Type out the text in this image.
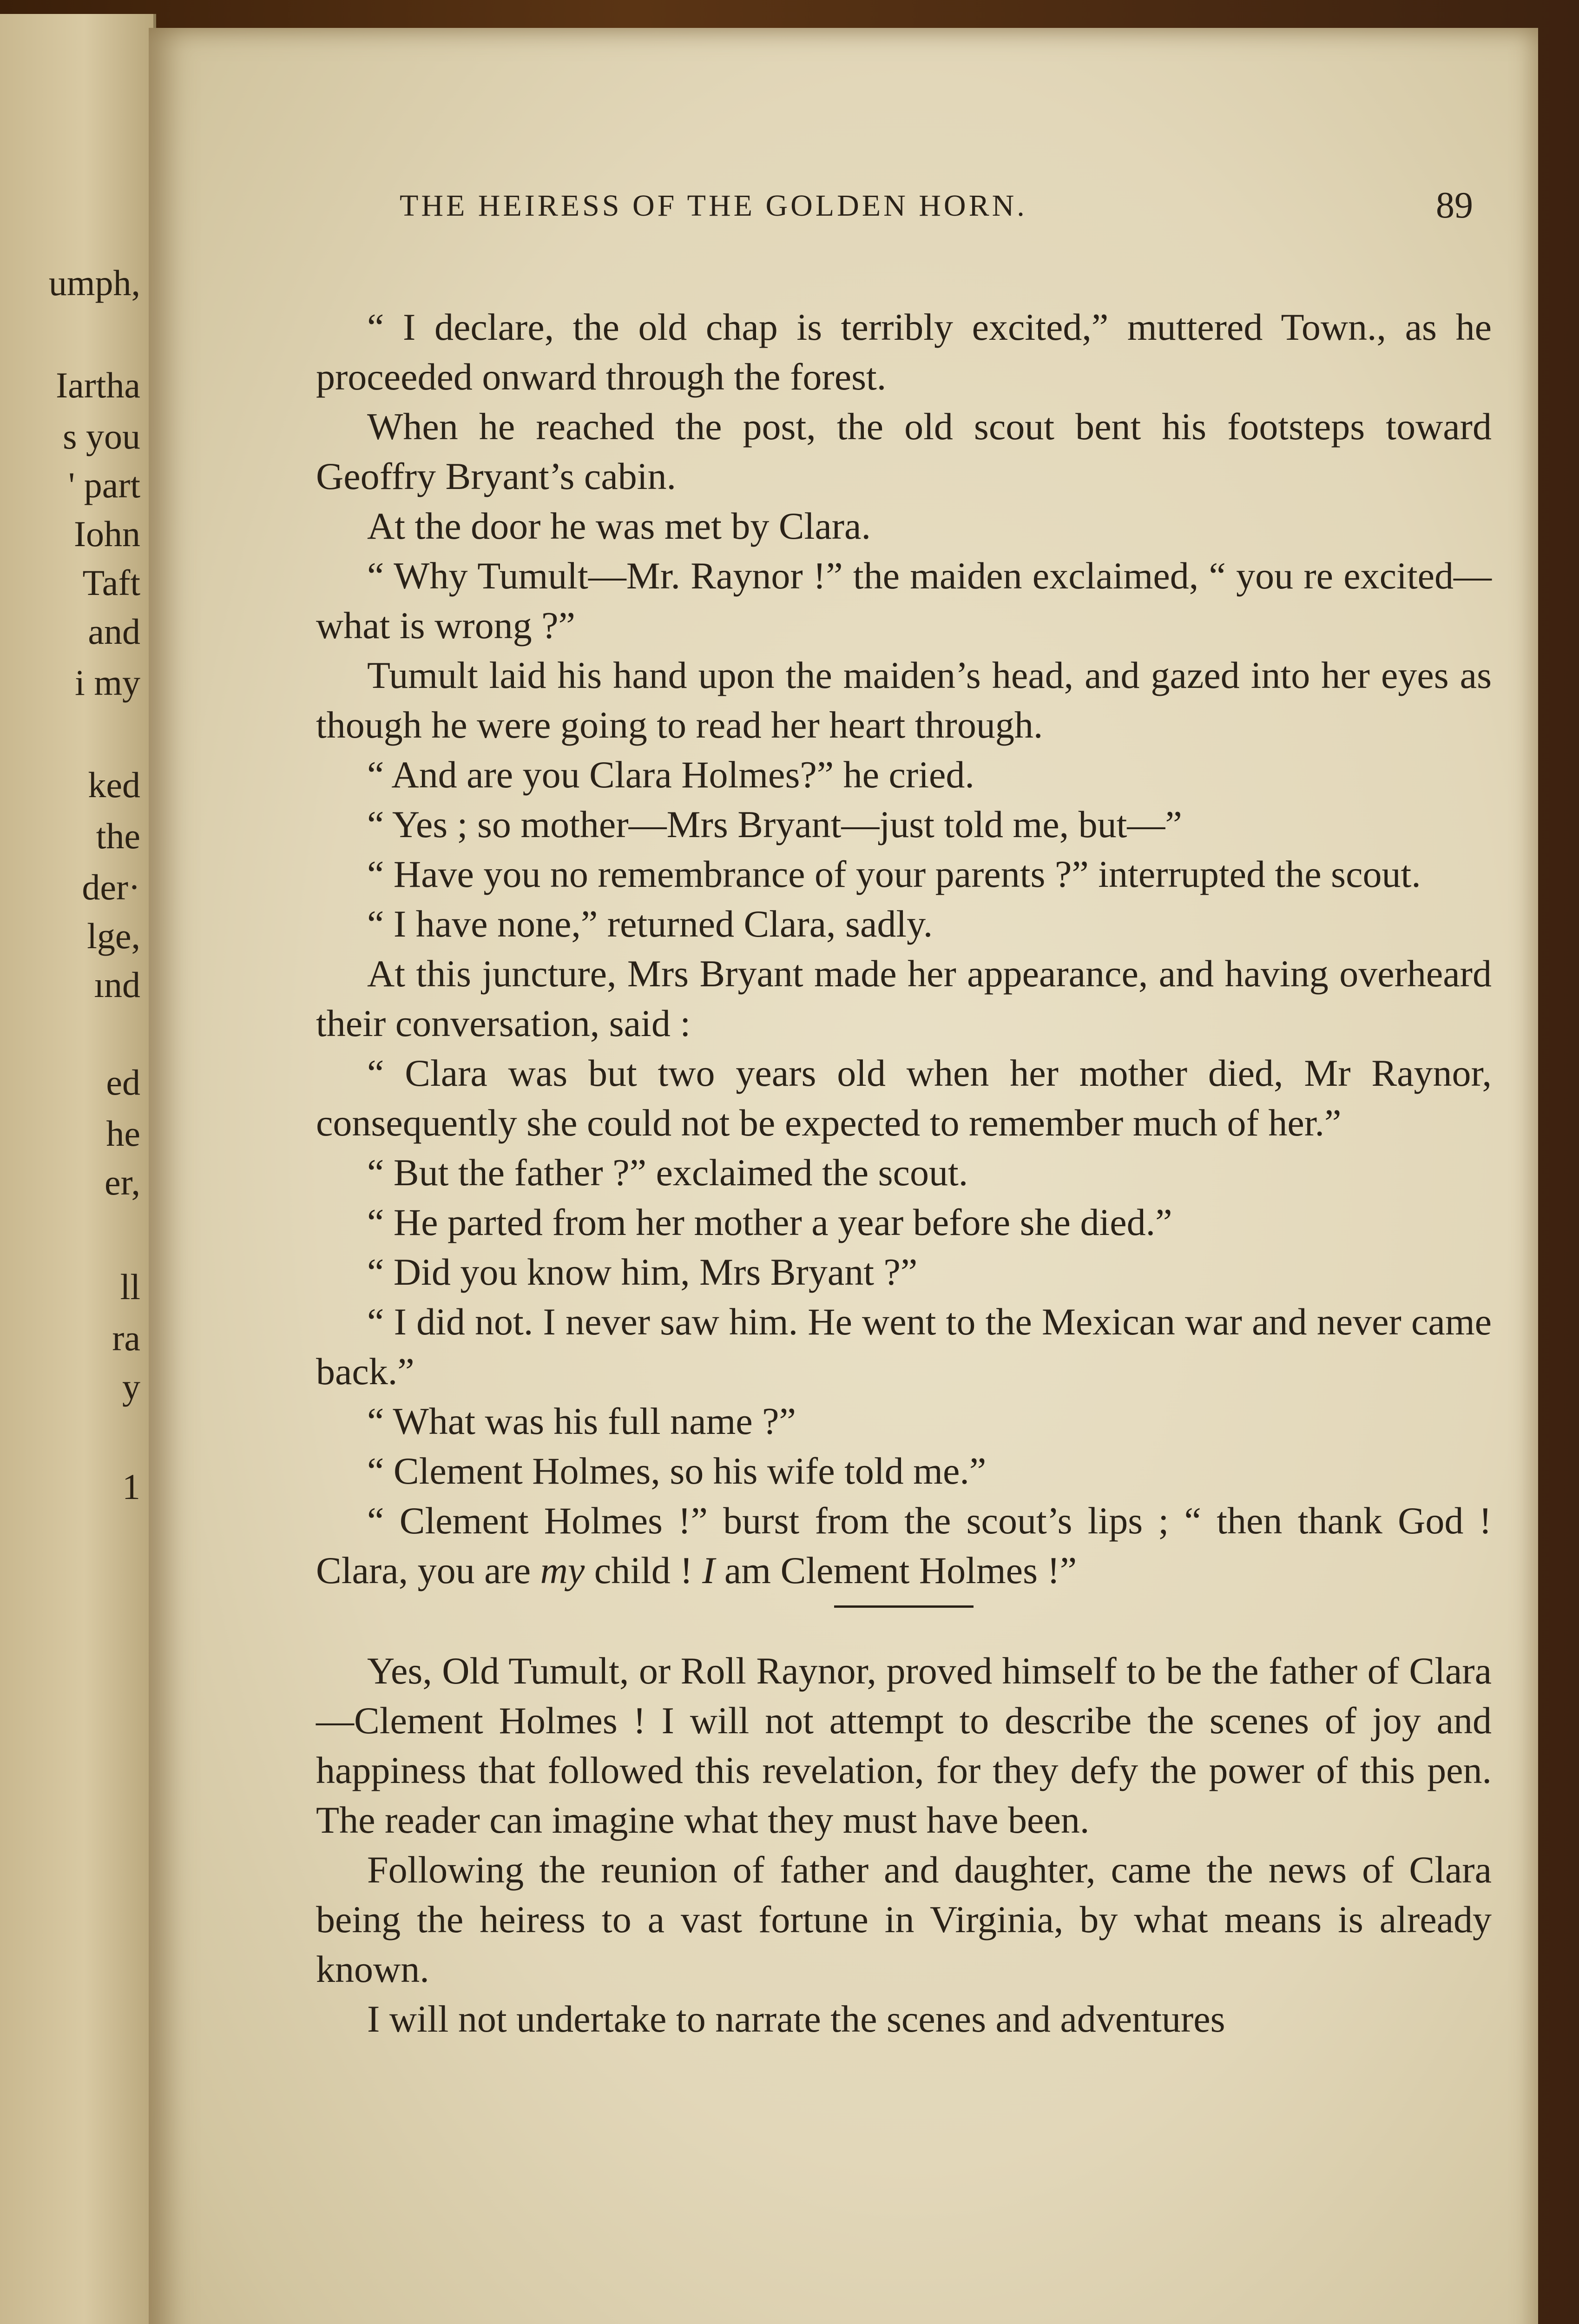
umph,
Iartha
s you
' part
Iohn
Taft
and
i my
ked
the
der·
lge,
ınd
ed
he
er,
ll
ra
y
1
THE HEIRESS OF THE GOLDEN HORN.	89

“ I declare, the old chap is terribly excited,” muttered Town., as he proceeded onward through the forest.

When he reached the post, the old scout bent his footsteps toward Geoffry Bryant’s cabin.

At the door he was met by Clara.

“ Why Tumult—Mr. Raynor !” the maiden exclaimed, “ you re excited—what is wrong ?”

Tumult laid his hand upon the maiden’s head, and gazed into her eyes as though he were going to read her heart through.

“ And are you Clara Holmes?” he cried.

“ Yes ; so mother—Mrs Bryant—just told me, but—”

“ Have you no remembrance of your parents ?” interrupted the scout.

“ I have none,” returned Clara, sadly.

At this juncture, Mrs Bryant made her appearance, and having overheard their conversation, said :

“ Clara was but two years old when her mother died, Mr Raynor, consequently she could not be expected to remember much of her.”

“ But the father ?” exclaimed the scout.

“ He parted from her mother a year before she died.”

“ Did you know him, Mrs Bryant ?”

“ I did not. I never saw him. He went to the Mexican war and never came back.”

“ What was his full name ?”

“ Clement Holmes, so his wife told me.”

“ Clement Holmes !” burst from the scout’s lips ; “ then thank God ! Clara, you are my child ! I am Clement Holmes !”

Yes, Old Tumult, or Roll Raynor, proved himself to be the father of Clara—Clement Holmes ! I will not attempt to describe the scenes of joy and happiness that followed this revelation, for they defy the power of this pen. The reader can imagine what they must have been.

Following the reunion of father and daughter, came the news of Clara being the heiress to a vast fortune in Virginia, by what means is already known.

I will not undertake to narrate the scenes and adventures
